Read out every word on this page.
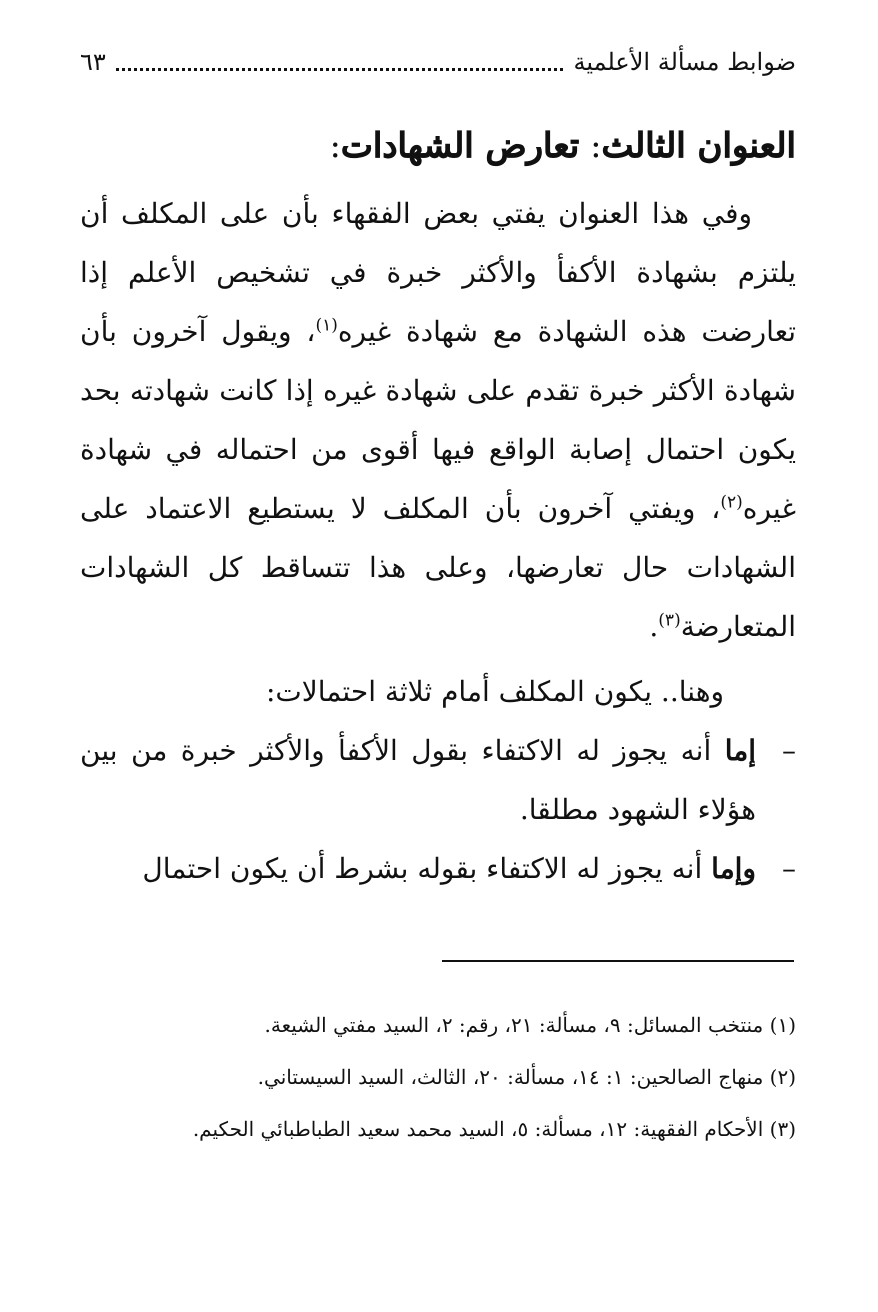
ضوابط مسألة الأعلمية
٦٣
العنوان الثالث: تعارض الشهادات:

وفي هذا العنوان يفتي بعض الفقهاء بأن على المكلف أن يلتزم بشهادة الأكفأ والأكثر خبرة في تشخيص الأعلم إذا تعارضت هذه الشهادة مع شهادة غيره$^{(١)}$، ويقول آخرون بأن شهادة الأكثر خبرة تقدم على شهادة غيره إذا كانت شهادته بحد يكون احتمال إصابة الواقع فيها أقوى من احتماله في شهادة غيره$^{(٢)}$، ويفتي آخرون بأن المكلف لا يستطيع الاعتماد على الشهادات حال تعارضها، وعلى هذا تتساقط كل الشهادات المتعارضة$^{(٣)}$.

وهنا.. يكون المكلف أمام ثلاثة احتمالات:

–
إما أنه يجوز له الاكتفاء بقول الأكفأ والأكثر خبرة من بين هؤلاء الشهود مطلقا.

–
وإما أنه يجوز له الاكتفاء بقوله بشرط أن يكون احتمال

(١) منتخب المسائل: ٩، مسألة: ٢١، رقم: ٢، السيد مفتي الشيعة.

(٢) منهاج الصالحين: ١: ١٤، مسألة: ٢٠، الثالث، السيد السيستاني.

(٣) الأحكام الفقهية: ١٢، مسألة: ٥، السيد محمد سعيد الطباطبائي الحكيم.
